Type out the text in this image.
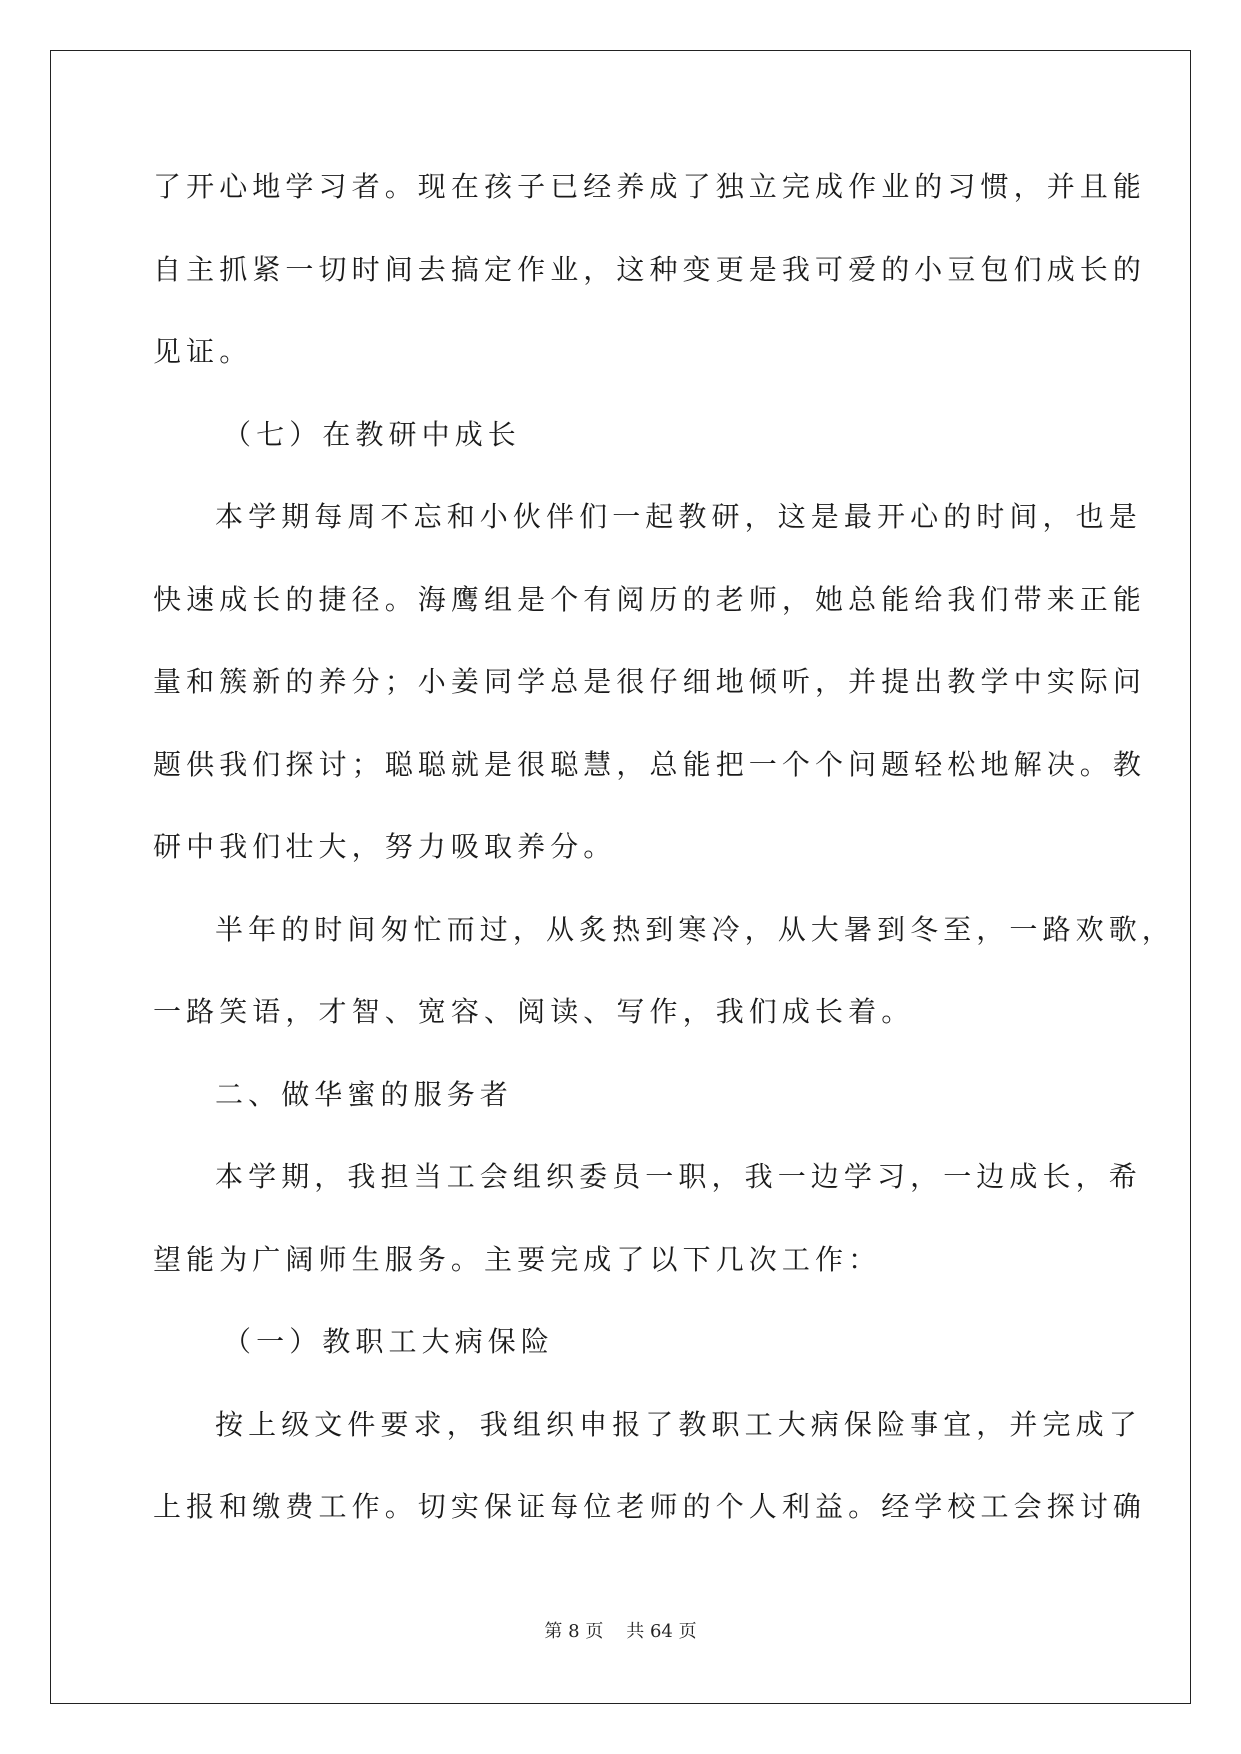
了开心地学习者。现在孩子已经养成了独立完成作业的习惯，并且能
自主抓紧一切时间去搞定作业，这种变更是我可爱的小豆包们成长的
见证。
（七）在教研中成长
本学期每周不忘和小伙伴们一起教研，这是最开心的时间，也是
快速成长的捷径。海鹰组是个有阅历的老师，她总能给我们带来正能
量和簇新的养分；小姜同学总是很仔细地倾听，并提出教学中实际问
题供我们探讨；聪聪就是很聪慧，总能把一个个问题轻松地解决。教
研中我们壮大，努力吸取养分。
半年的时间匆忙而过，从炙热到寒冷，从大暑到冬至，一路欢歌，
一路笑语，才智、宽容、阅读、写作，我们成长着。
二、做华蜜的服务者
本学期，我担当工会组织委员一职，我一边学习，一边成长，希
望能为广阔师生服务。主要完成了以下几次工作：
（一）教职工大病保险
按上级文件要求，我组织申报了教职工大病保险事宜，并完成了
上报和缴费工作。切实保证每位老师的个人利益。经学校工会探讨确
第 8 页 共 64 页
